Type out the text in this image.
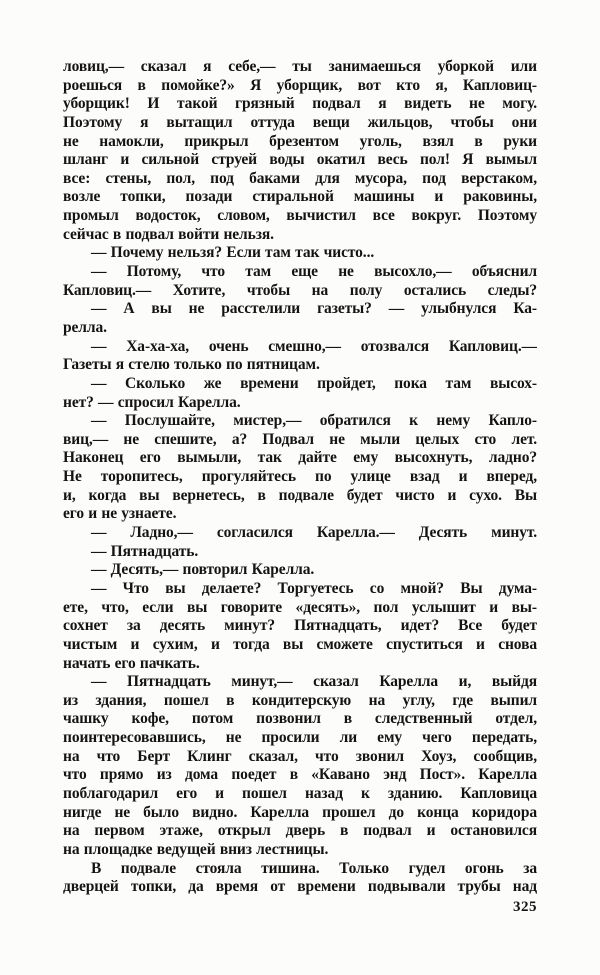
ловиц,— сказал я себе,— ты занимаешься уборкой или
роешься в помойке?» Я уборщик, вот кто я, Капловиц-
уборщик! И такой грязный подвал я видеть не могу.
Поэтому я вытащил оттуда вещи жильцов, чтобы они
не намокли, прикрыл брезентом уголь, взял в руки
шланг и сильной струей воды окатил весь пол! Я вымыл
все: стены, пол, под баками для мусора, под верстаком,
возле топки, позади стиральной машины и раковины,
промыл водосток, словом, вычистил все вокруг. Поэтому
сейчас в подвал войти нельзя.
— Почему нельзя? Если там так чисто...
— Потому, что там еще не высохло,— объяснил
Капловиц.— Хотите, чтобы на полу остались следы?
— А вы не расстелили газеты? — улыбнулся Ка-
релла.
— Ха-ха-ха, очень смешно,— отозвался Капловиц.—
Газеты я стелю только по пятницам.
— Сколько же времени пройдет, пока там высох-
нет? — спросил Карелла.
— Послушайте, мистер,— обратился к нему Капло-
виц,— не спешите, а? Подвал не мыли целых сто лет.
Наконец его вымыли, так дайте ему высохнуть, ладно?
Не торопитесь, прогуляйтесь по улице взад и вперед,
и, когда вы вернетесь, в подвале будет чисто и сухо. Вы
его и не узнаете.
— Ладно,— согласился Карелла.— Десять минут.
— Пятнадцать.
— Десять,— повторил Карелла.
— Что вы делаете? Торгуетесь со мной? Вы дума-
ете, что, если вы говорите «десять», пол услышит и вы-
сохнет за десять минут? Пятнадцать, идет? Все будет
чистым и сухим, и тогда вы сможете спуститься и снова
начать его пачкать.
— Пятнадцать минут,— сказал Карелла и, выйдя
из здания, пошел в кондитерскую на углу, где выпил
чашку кофе, потом позвонил в следственный отдел,
поинтересовавшись, не просили ли ему чего передать,
на что Берт Клинг сказал, что звонил Хоуз, сообщив,
что прямо из дома поедет в «Кавано энд Пост». Карелла
поблагодарил его и пошел назад к зданию. Капловица
нигде не было видно. Карелла прошел до конца коридора
на первом этаже, открыл дверь в подвал и остановился
на площадке ведущей вниз лестницы.
В подвале стояла тишина. Только гудел огонь за
дверцей топки, да время от времени подвывали трубы над
325
